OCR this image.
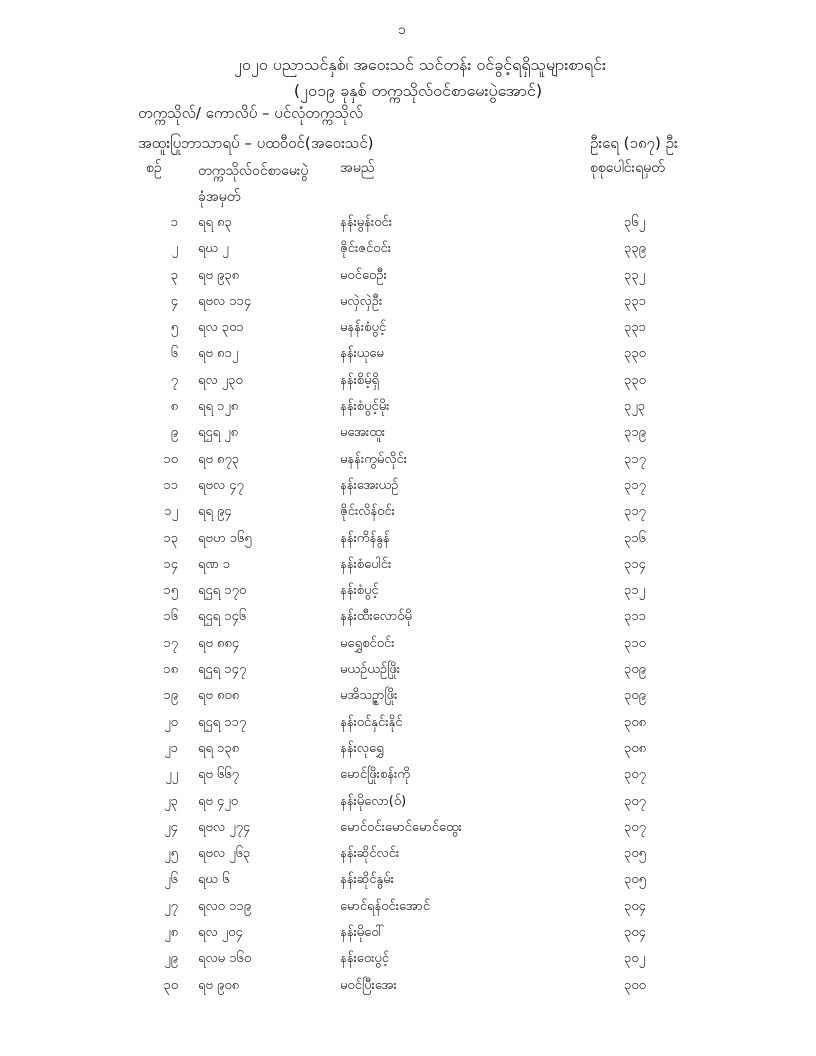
၁
၂၀၂၀ ပညာသင်နှစ်၊ အဝေးသင် သင်တန်း ဝင်ခွင့်ရရှိသူများစာရင်း
(၂၀၁၉ ခုနှစ် တက္ကသိုလ်ဝင်စာမေးပွဲအောင်)
တက္ကသိုလ်/ ကောလိပ် – ပင်လုံတက္ကသိုလ်
အထူးပြုဘာသာရပ် – ပထဝီဝင်(အဝေးသင်)	ဦးရေ (၁၈၇) ဦး
စဉ်	တက္ကသိုလ်ဝင်စာမေးပွဲ ခုံအမှတ်
အမည်	စုစုပေါင်းရမှတ်
၁ ရရ ၈၃	နန်းမွန်းဝင်း	၃၆၂
၂ ရဃ ၂	ဇိုင်းဇင်ဝင်း	၃၃၉
၃ ရဗ ၉၃၈	မဝင်ဝေဦး	၃၃၂
၄ ရဗလ ၁၁၄	မလှဲလှဲဦး	၃၃၁
၅ ရလ ၃၀၁	မနန်းစံပွင့်	၃၃၁
၆ ရဗ ၈၁၂	နန်းယုမေ	၃၃၀
၇ ရလ ၂၃၀	နန်းစိမ့်ရှိ	၃၃၀
၈ ရရ ၁၂၈	နန်းစံပွင့်မိုး	၃၂၃
၉ ရဌရ ၂၈	မအေးထူး	၃၁၉
၁၀ ရဗ ၈၇၃	မနန်းကွမ်လိုင်း	၃၁၇
၁၁ ရဗလ ၄၇	နန်းအေးယဉ်	၃၁၇
၁၂ ရရ ၉၄	ဇိုင်းလိန်ဝင်း	၃၁၇
၁၃ ရဗဟ ၁၆၅	နန်းကိန်နွန်	၃၁၆
၁၄ ရဏ ၁	နန်းစံပေါင်း	၃၁၄
၁၅ ရဌရ ၁၇၀	နန်းစံပွင့်	၃၁၂
၁၆ ရဌရ ၁၄၆	နန်းထီးလောဝ်မို	၃၁၁
၁၇ ရဗ ၈၈၄	မရွှေစင်ဝင်း	၃၁၀
၁၈ ရဌရ ၁၄၇	မယဉ်ယဉ်ဖြိုး	၃၀၉
၁၉ ရဗ ၈၀၈	မအိသဥ္ဇာဖြိုး	၃၀၉
၂၀ ရဌရ ၁၁၇	နန်းဝင်နှင်းနိုင်	၃၀၈
၂၁ ရရ ၁၃၈	နန်းလုရွှေ	၃၀၈
၂၂ ရဗ ၆၆၇	မောင်ဖြိုးစန်းကို	၃၀၇
၂၃ ရဗ ၄၂၀	နန်းမိုလော(ဝ်)	၃၀၇
၂၄ ရဗလ ၂၇၄	မောင်ဝင်းမောင်မောင်ထွေး	၃၀၇
၂၅ ရဗလ ၂၆၃	နန်းဆိုင်လင်း	၃၀၅
၂၆ ရဃ ၆	နန်းဆိုင်နွမ်း	၃၀၅
၂၇ ရလဝ ၁၁၉	မောင်ရန်ဝင်းအောင်	၃၀၄
၂၈ ရလ ၂၀၄	နန်းမိုဝေါ်	၃၀၄
၂၉ ရလမ ၁၆၀	နန်းဝေးပွင့်	၃၀၂
၃၀ ရဗ ၉၀၈	မဝင်ပြီးအေး	၃၀၀
